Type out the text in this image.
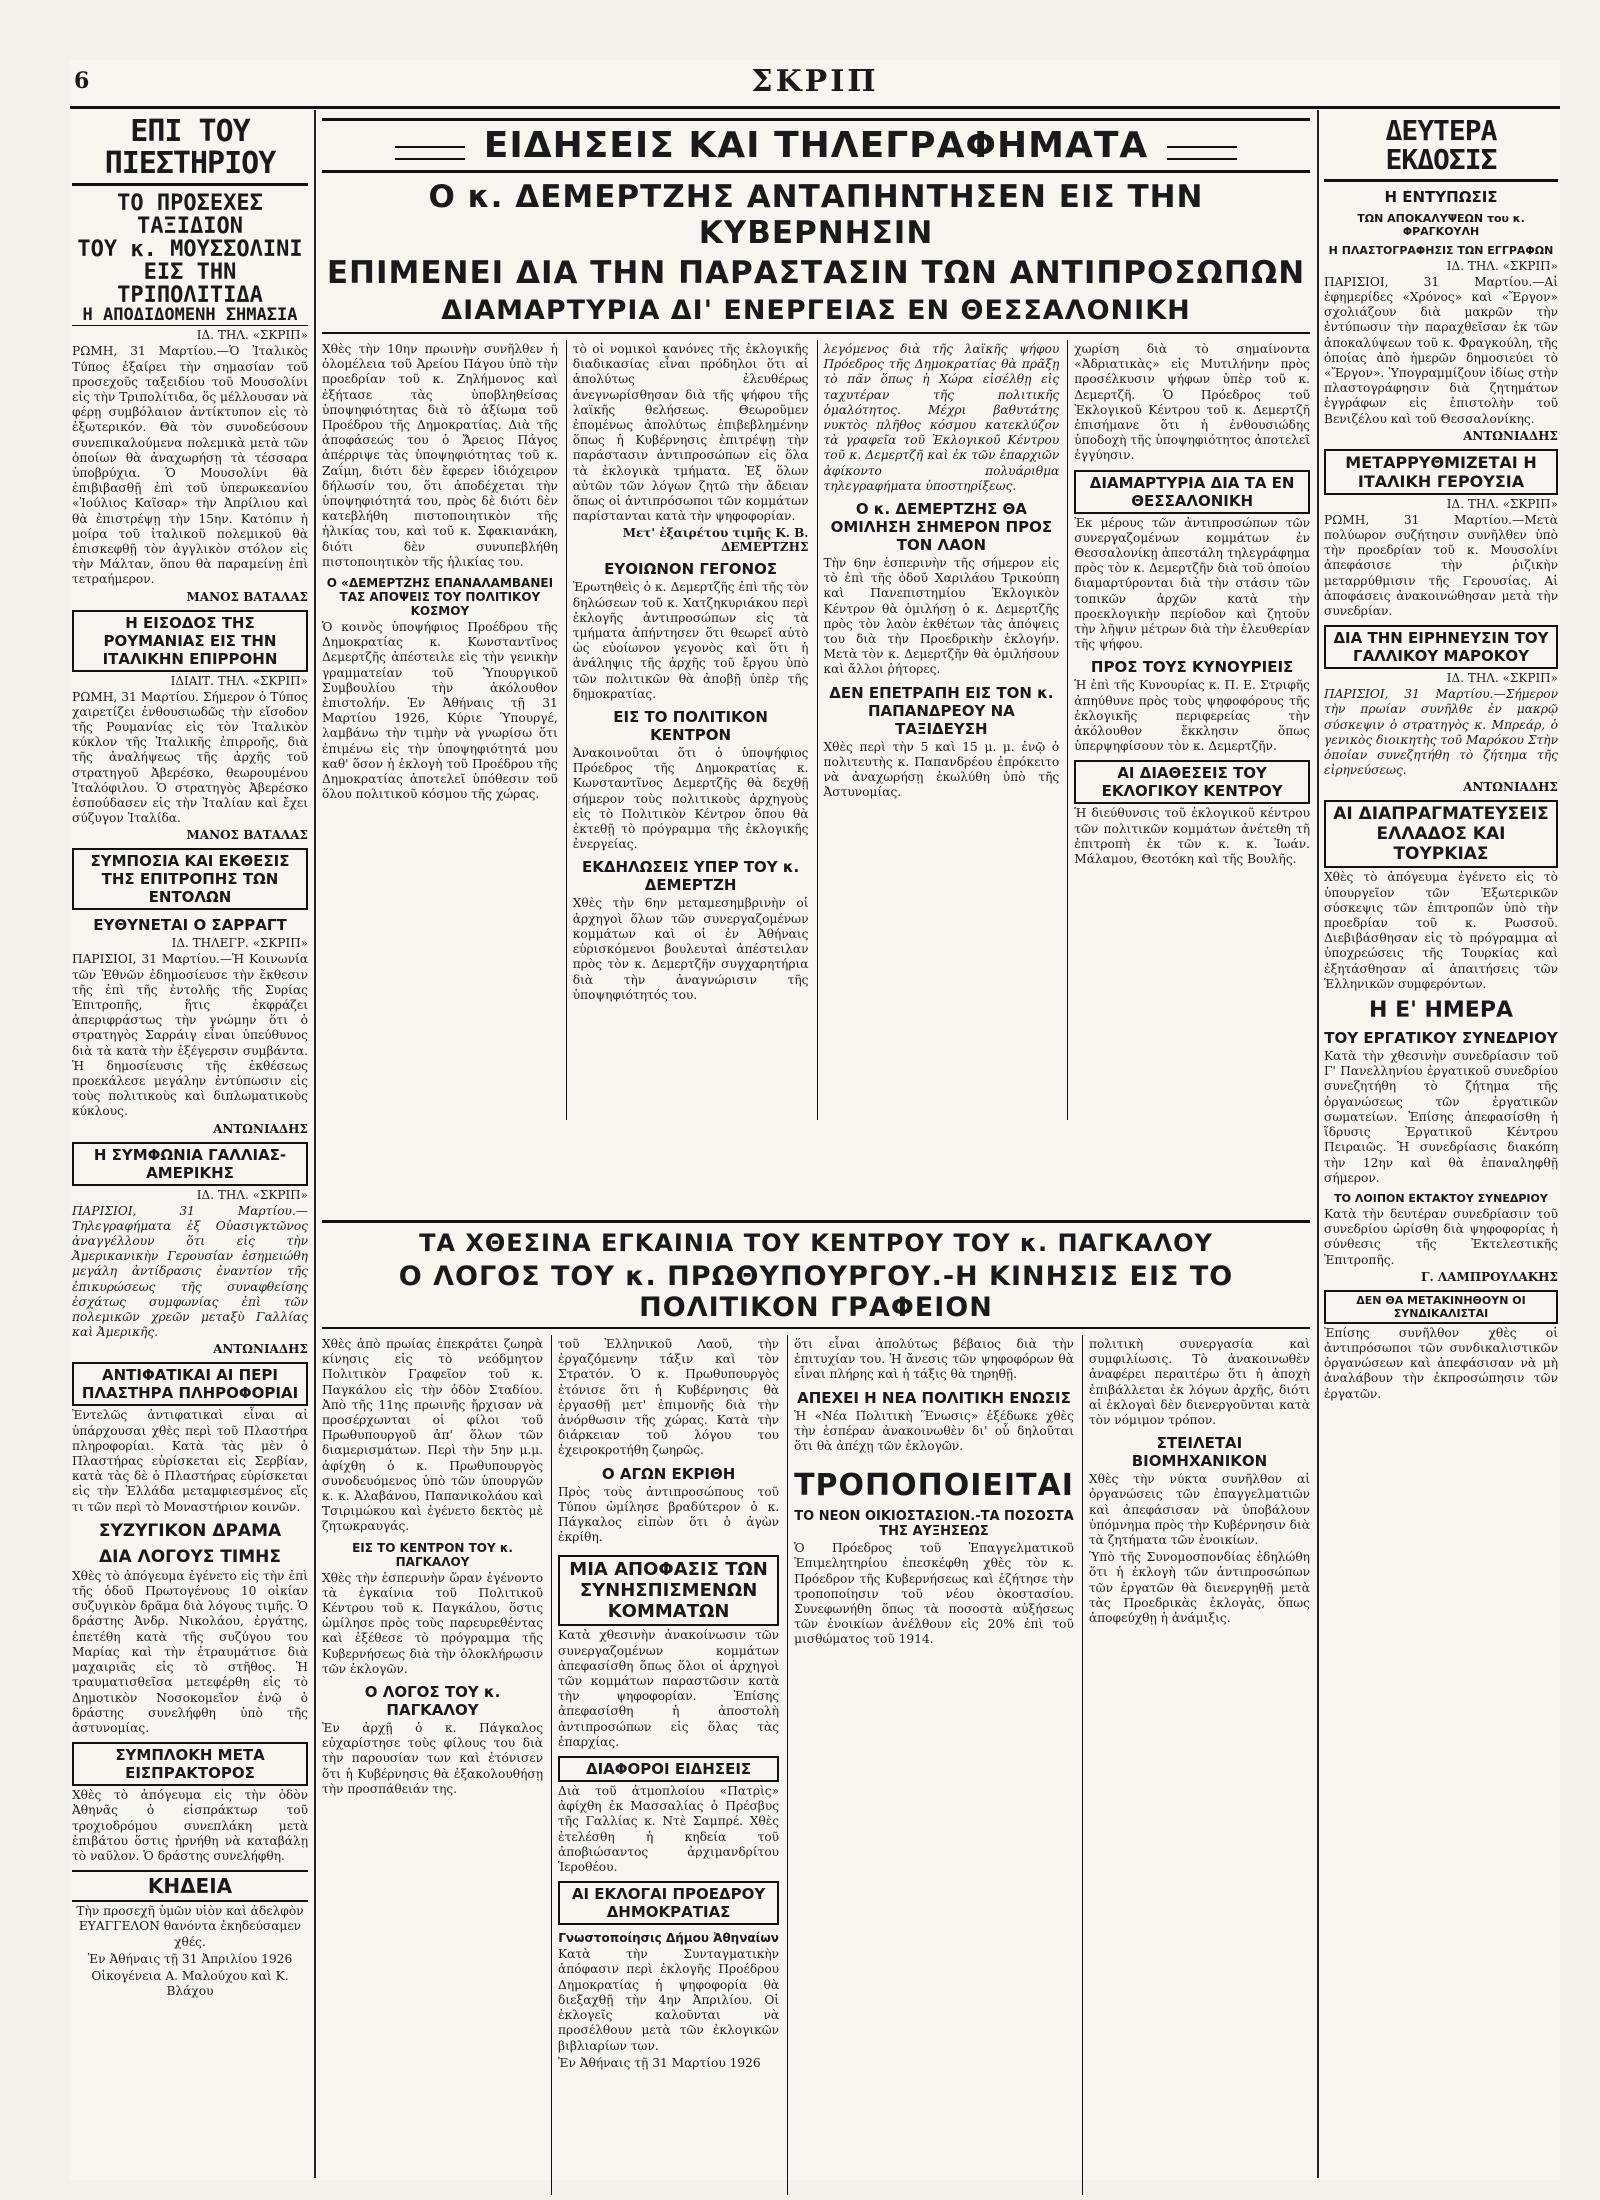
6	ΣΚΡΙΠ
ΕΠΙ ΤΟΥ ΠΙΕΣΤΗΡΙΟΥ
ΤΟ ΠΡΟΣΕΧΕΣ ΤΑΞΙΔΙΟΝ
ΤΟΥ κ. ΜΟΥΣΣΟΛΙΝΙ
ΕΙΣ ΤΗΝ ΤΡΙΠΟΛΙΤΙΔΑ
Η ΑΠΟΔΙΔΟΜΕΝΗ ΣΗΜΑΣΙΑ
ΙΔ. ΤΗΛ. «ΣΚΡΙΠ»
ΡΩΜΗ, 31 Μαρτίου.—Ὁ Ἰταλικὸς Τύπος ἐξαίρει τὴν σημασίαν τοῦ προσεχοῦς ταξειδίου τοῦ Μουσολίνι εἰς τὴν Τριπολίτιδα, ὅς μέλλουσαν νὰ φέρῃ συμβόλαιον ἀντίκτυπον εἰς τὸ ἐξωτερικόν. Θὰ τὸν συνοδεύσουν συνεπικαλούμενα πολεμικὰ μετὰ τῶν ὁποίων θὰ ἀναχωρήσῃ τὰ τέσσαρα ὑποβρύχια. Ὁ Μουσολίνι θὰ ἐπιβιβασθῇ ἐπὶ τοῦ ὑπερωκεανίου «Ἰούλιος Καῖσαρ» τὴν Ἀπρίλιου καὶ θὰ ἐπιστρέψῃ τὴν 15ην. Κατόπιν ἡ μοίρα τοῦ ἰταλικοῦ πολεμικοῦ θὰ ἐπισκεφθῇ τὸν ἀγγλικὸν στόλον εἰς τὴν Μάλταν, ὅπου θὰ παραμείνῃ ἐπὶ τετραήμερον.
ΜΑΝΟΣ ΒΑΤΑΛΑΣ
Η ΕΙΣΟΔΟΣ ΤΗΣ ΡΟΥΜΑΝΙΑΣ ΕΙΣ ΤΗΝ ΙΤΑΛΙΚΗΝ ΕΠΙΡΡΟΗΝ
ΙΔΙΑΙΤ. ΤΗΛ. «ΣΚΡΙΠ»
ΡΩΜΗ, 31 Μαρτίου. Σήμερον ὁ Τύπος χαιρετίζει ἐνθουσιωδῶς τὴν εἴσοδον τῆς Ρουμανίας εἰς τὸν Ἰταλικὸν κύκλον τῆς Ἰταλικῆς ἐπιρροῆς, διὰ τῆς ἀναλήψεως τῆς ἀρχῆς τοῦ στρατηγοῦ Ἀβερέσκο, θεωρουμένου Ἰταλόφιλου. Ὁ στρατηγὸς Ἀβερέσκο ἐσπούδασεν εἰς τὴν Ἰταλίαν καὶ ἔχει σύζυγον Ἰταλίδα.
ΜΑΝΟΣ ΒΑΤΑΛΑΣ
ΣΥΜΠΟΣΙΑ ΚΑΙ ΕΚΘΕΣΙΣ ΤΗΣ ΕΠΙΤΡΟΠΗΣ ΤΩΝ ΕΝΤΟΛΩΝ
ΕΥΘΥΝΕΤΑΙ Ο ΣΑΡΡΑΓΤ
ΙΔ. ΤΗΛΕΓΡ. «ΣΚΡΙΠ»
ΠΑΡΙΣΙΟΙ, 31 Μαρτίου.—Ἡ Κοινωνία τῶν Ἐθνῶν ἐδημοσίευσε τὴν ἔκθεσιν τῆς ἐπὶ τῆς ἐντολῆς τῆς Συρίας Ἐπιτροπῆς, ἥτις ἐκφράζει ἀπεριφράστως τὴν γνώμην ὅτι ὁ στρατηγὸς Σαρράιγ εἶναι ὑπεύθυνος διὰ τὰ κατὰ τὴν ἐξέγερσιν συμβάντα. Ἡ δημοσίευσις τῆς ἐκθέσεως προεκάλεσε μεγάλην ἐντύπωσιν εἰς τοὺς πολιτικοὺς καὶ διπλωματικοὺς κύκλους.
ΑΝΤΩΝΙΑΔΗΣ
Η ΣΥΜΦΩΝΙΑ ΓΑΛΛΙΑΣ-ΑΜΕΡΙΚΗΣ
ΙΔ. ΤΗΛ. «ΣΚΡΙΠ»
ΠΑΡΙΣΙΟΙ, 31 Μαρτίου.—Τηλεγραφήματα ἐξ Οὐασιγκτῶνος ἀναγγέλλουν ὅτι εἰς τὴν Ἀμερικανικὴν Γερουσίαν ἐσημειώθη μεγάλη ἀντίδρασις ἐναντίον τῆς ἐπικυρώσεως τῆς συναφθείσης ἐσχάτως συμφωνίας ἐπὶ τῶν πολεμικῶν χρεῶν μεταξὺ Γαλλίας καὶ Ἀμερικῆς.
ΑΝΤΩΝΙΑΔΗΣ
ΑΝΤΙΦΑΤΙΚΑΙ ΑΙ ΠΕΡΙ ΠΛΑΣΤΗΡΑ ΠΛΗΡΟΦΟΡΙΑΙ
Ἐντελῶς ἀντιφατικαὶ εἶναι αἱ ὑπάρχουσαι χθὲς περὶ τοῦ Πλαστήρα πληροφορίαι. Κατὰ τὰς μὲν ὁ Πλαστήρας εὑρίσκεται εἰς Σερβίαν, κατὰ τὰς δὲ ὁ Πλαστήρας εὑρίσκεται εἰς τὴν Ἑλλάδα μεταμφιεσμένος εἴς τι τῶν περὶ τὸ Μοναστήριον κοινῶν.
ΣΥΖΥΓΙΚΟΝ ΔΡΑΜΑ
ΔΙΑ ΛΟΓΟΥΣ ΤΙΜΗΣ
Χθὲς τὸ ἀπόγευμα ἐγένετο εἰς τὴν ἐπὶ τῆς ὁδοῦ Πρωτογένους 10 οἰκίαν συζυγικὸν δρᾶμα διὰ λόγους τιμῆς. Ὁ δράστης Ἀνδρ. Νικολάου, ἐργάτης, ἐπετέθη κατὰ τῆς συζύγου του Μαρίας καὶ τὴν ἐτραυμάτισε διὰ μαχαιριᾶς εἰς τὸ στῆθος. Ἡ τραυματισθεῖσα μετεφέρθη εἰς τὸ Δημοτικὸν Νοσοκομεῖον ἐνῷ ὁ δράστης συνελήφθη ὑπὸ τῆς ἀστυνομίας.
ΣΥΜΠΛΟΚΗ ΜΕΤΑ ΕΙΣΠΡΑΚΤΟΡΟΣ
Χθὲς τὸ ἀπόγευμα εἰς τὴν ὁδὸν Ἀθηνᾶς ὁ εἰσπράκτωρ τοῦ τροχιοδρόμου συνεπλάκη μετὰ ἐπιβάτου ὅστις ἠρνήθη νὰ καταβάλῃ τὸ ναῦλον. Ὁ δράστης συνελήφθη.
ΚΗΔΕΙΑ
Τὴν προσεχῆ ὑμῶν υἱὸν καὶ ἀδελφὸν ΕΥΑΓΓΕΛΟΝ θανόντα ἐκηδεύσαμεν χθές.
Ἐν Ἀθήναις τῇ 31 Ἀπριλίου 1926
Οἰκογένεια Α. Μαλούχου καὶ Κ. Βλάχου
ΕΙΔΗΣΕΙΣ ΚΑΙ ΤΗΛΕΓΡΑΦΗΜΑΤΑ
Ο κ. ΔΕΜΕΡΤΖΗΣ ΑΝΤΑΠΗΝΤΗΣΕΝ ΕΙΣ ΤΗΝ ΚΥΒΕΡΝΗΣΙΝ
ΕΠΙΜΕΝΕΙ ΔΙΑ ΤΗΝ ΠΑΡΑΣΤΑΣΙΝ ΤΩΝ ΑΝΤΙΠΡΟΣΩΠΩΝ
ΔΙΑΜΑΡΤΥΡΙΑ ΔΙ' ΕΝΕΡΓΕΙΑΣ ΕΝ ΘΕΣΣΑΛΟΝΙΚΗ
Χθὲς τὴν 10ην πρωινὴν συνῆλθεν ἡ ὁλομέλεια τοῦ Ἀρείου Πάγου ὑπὸ τὴν προεδρίαν τοῦ κ. Ζηλήμονος καὶ ἐξήτασε τὰς ὑποβληθείσας ὑποψηφιότητας διὰ τὸ ἀξίωμα τοῦ Προέδρου τῆς Δημοκρατίας. Διὰ τῆς ἀποφάσεώς του ὁ Ἄρειος Πάγος ἀπέρριψε τὰς ὑποψηφιότητας τοῦ κ. Ζαΐμη, διότι δὲν ἔφερεν ἰδιόχειρον δήλωσίν του, ὅτι ἀποδέχεται τὴν ὑποψηφιότητά του, πρὸς δὲ διότι δὲν κατεβλήθη πιστοποιητικὸν τῆς ἡλικίας του, καὶ τοῦ κ. Σφακιανάκη, διότι δὲν συνυπεβλήθη πιστοποιητικὸν τῆς ἡλικίας του.
Ο «ΔΕΜΕΡΤΖΗΣ ΕΠΑΝΑΛΑΜΒΑΝΕΙ ΤΑΣ ΑΠΟΨΕΙΣ ΤΟΥ ΠΟΛΙΤΙΚΟΥ ΚΟΣΜΟΥ
Ὁ κοινὸς ὑποψήφιος Προέδρου τῆς Δημοκρατίας κ. Κωνσταντῖνος Δεμερτζῆς ἀπέστειλε εἰς τὴν γενικὴν γραμματείαν τοῦ Ὑπουργικοῦ Συμβουλίου τὴν ἀκόλουθον ἐπιστολήν. Ἐν Ἀθήναις τῇ 31 Μαρτίου 1926, Κύριε Ὑπουργέ, λαμβάνω τὴν τιμὴν νὰ γνωρίσω ὅτι ἐπιμένω εἰς τὴν ὑποψηφιότητά μου καθ' ὅσον ἡ ἐκλογὴ τοῦ Προέδρου τῆς Δημοκρατίας ἀποτελεῖ ὑπόθεσιν τοῦ ὅλου πολιτικοῦ κόσμου τῆς χώρας.
τὸ οἰ νομικοὶ κανόνες τῆς ἐκλογικῆς διαδικασίας εἶναι πρόδηλοι ὅτι αἱ ἀπολύτως ἐλευθέρως ἀνεγνωρίσθησαν διὰ τῆς ψήφου τῆς λαϊκῆς θελήσεως. Θεωροῦμεν ἐπομένως ἀπολύτως ἐπιβεβλημένην ὅπως ἡ Κυβέρνησις ἐπιτρέψῃ τὴν παράστασιν ἀντιπροσώπων εἰς ὅλα τὰ ἐκλογικὰ τμήματα. Ἐξ ὅλων αὐτῶν τῶν λόγων ζητῶ τὴν ἄδειαν ὅπως οἱ ἀντιπρόσωποι τῶν κομμάτων παρίστανται κατὰ τὴν ψηφοφορίαν.
Μετ' ἐξαιρέτου τιμῆς Κ. Β. ΔΕΜΕΡΤΖΗΣ
ΕΥΟΙΩΝΟΝ ΓΕΓΟΝΟΣ
Ἐρωτηθεὶς ὁ κ. Δεμερτζῆς ἐπὶ τῆς τὸν δηλώσεων τοῦ κ. Χατζηκυριάκου περὶ ἐκλογῆς ἀντιπροσώπων εἰς τὰ τμήματα ἀπήντησεν ὅτι θεωρεῖ αὐτὸ ὡς εὐοίωνον γεγονὸς καὶ ὅτι ἡ ἀνάληψις τῆς ἀρχῆς τοῦ ἔργου ὑπὸ τῶν πολιτικῶν θὰ ἀποβῇ ὑπὲρ τῆς δημοκρατίας.
ΕΙΣ ΤΟ ΠΟΛΙΤΙΚΟΝ ΚΕΝΤΡΟΝ
Ἀνακοινοῦται ὅτι ὁ ὑποψήφιος Πρόεδρος τῆς Δημοκρατίας κ. Κωνσταντῖνος Δεμερτζῆς θὰ δεχθῇ σήμερον τοὺς πολιτικοὺς ἀρχηγοὺς εἰς τὸ Πολιτικὸν Κέντρον ὅπου θὰ ἐκτεθῇ τὸ πρόγραμμα τῆς ἐκλογικῆς ἐνεργείας.
ΕΚΔΗΛΩΣΕΙΣ ΥΠΕΡ ΤΟΥ κ. ΔΕΜΕΡΤΖΗ
Χθὲς τὴν 6ην μεταμεσημβρινὴν οἱ ἀρχηγοὶ ὅλων τῶν συνεργαζομένων κομμάτων καὶ οἱ ἐν Ἀθήναις εὑρισκόμενοι βουλευταὶ ἀπέστειλαν πρὸς τὸν κ. Δεμερτζῆν συγχαρητήρια διὰ τὴν ἀναγνώρισιν τῆς ὑποψηφιότητός του.
λεγόμενος διὰ τῆς λαϊκῆς ψήφου Πρόεδρος τῆς Δημοκρατίας θὰ πρᾶξῃ τὸ πᾶν ὅπως ἡ Χώρα εἰσέλθῃ εἰς ταχυτέραν τῆς πολιτικῆς ὁμαλότητος. Μέχρι βαθυτάτης νυκτὸς πλῆθος κόσμου κατεκλύζον τὰ γραφεῖα τοῦ Ἐκλογικοῦ Κέντρου τοῦ κ. Δεμερτζῆ καὶ ἐκ τῶν ἐπαρχιῶν ἀφίκοντο πολυάριθμα τηλεγραφήματα ὑποστηρίξεως.
Ο κ. ΔΕΜΕΡΤΖΗΣ ΘΑ ΟΜΙΛΗΣΗ ΣΗΜΕΡΟΝ ΠΡΟΣ ΤΟΝ ΛΑΟΝ
Τὴν 6ην ἑσπερινὴν τῆς σήμερον εἰς τὸ ἐπὶ τῆς ὁδοῦ Χαριλάου Τρικούπη καὶ Πανεπιστημίου Ἐκλογικὸν Κέντρον θὰ ὁμιλήσῃ ὁ κ. Δεμερτζῆς πρὸς τὸν λαὸν ἐκθέτων τὰς ἀπόψεις του διὰ τὴν Προεδρικὴν ἐκλογήν. Μετὰ τὸν κ. Δεμερτζῆν θὰ ὁμιλήσουν καὶ ἄλλοι ῥήτορες.
ΔΕΝ ΕΠΕΤΡΑΠΗ ΕΙΣ ΤΟΝ κ. ΠΑΠΑΝΔΡΕΟΥ ΝΑ ΤΑΞΙΔΕΥΣΗ
Χθὲς περὶ τὴν 5 καὶ 15 μ. μ. ἐνῷ ὁ πολιτευτὴς κ. Παπανδρέου ἐπρόκειτο νὰ ἀναχωρήσῃ ἐκωλύθη ὑπὸ τῆς Ἀστυνομίας.
χωρίση διὰ τὸ σημαίνοντα «Ἀδριατικὰς» εἰς Μυτιλήνην πρὸς προσέλκυσιν ψήφων ὑπὲρ τοῦ κ. Δεμερτζῆ. Ὁ Πρόεδρος τοῦ Ἐκλογικοῦ Κέντρου τοῦ κ. Δεμερτζῆ ἐπισήμανε ὅτι ἡ ἐνθουσιώδης ὑποδοχὴ τῆς ὑποψηφιότητος ἀποτελεῖ ἐγγύησιν.
ΔΙΑΜΑΡΤΥΡΙΑ ΔΙΑ ΤΑ ΕΝ ΘΕΣΣΑΛΟΝΙΚΗ
Ἐκ μέρους τῶν ἀντιπροσώπων τῶν συνεργαζομένων κομμάτων ἐν Θεσσαλονίκῃ ἀπεστάλη τηλεγράφημα πρὸς τὸν κ. Δεμερτζῆν διὰ τοῦ ὁποίου διαμαρτύρονται διὰ τὴν στάσιν τῶν τοπικῶν ἀρχῶν κατὰ τὴν προεκλογικὴν περίοδον καὶ ζητοῦν τὴν λῆψιν μέτρων διὰ τὴν ἐλευθερίαν τῆς ψήφου.
ΠΡΟΣ ΤΟΥΣ ΚΥΝΟΥΡΙΕΙΣ
Ἡ ἐπὶ τῆς Κυνουρίας κ. Π. Ε. Στριφῆς ἀπηύθυνε πρὸς τοὺς ψηφοφόρους τῆς ἐκλογικῆς περιφερείας τὴν ἀκόλουθον ἔκκλησιν ὅπως ὑπερψηφίσουν τὸν κ. Δεμερτζῆν.
ΑΙ ΔΙΑΘΕΣΕΙΣ ΤΟΥ ΕΚΛΟΓΙΚΟΥ ΚΕΝΤΡΟΥ
Ἡ διεύθυνσις τοῦ ἐκλογικοῦ κέντρου τῶν πολιτικῶν κομμάτων ἀνέτεθη τῆ ἐπιτροπὴ ἐκ τῶν κ. κ. Ἰωάν. Μάλαμου, Θεοτόκη καὶ τῆς Βουλῆς.
ΔΕΥΤΕΡΑ ΕΚΔΟΣΙΣ
Η ΕΝΤΥΠΩΣΙΣ
ΤΩΝ ΑΠΟΚΑΛΥΨΕΩΝ του κ. ΦΡΑΓΚΟΥΛΗ
Η ΠΛΑΣΤΟΓΡΑΦΗΣΙΣ ΤΩΝ ΕΓΓΡΑΦΩΝ
ΙΔ. ΤΗΛ. «ΣΚΡΙΠ»
ΠΑΡΙΣΙΟΙ, 31 Μαρτίου.—Αἱ ἐφημερίδες «Χρόνος» καὶ «Ἔργον» σχολιάζουν διὰ μακρῶν τὴν ἐντύπωσιν τὴν παραχθεῖσαν ἐκ τῶν ἀποκαλύψεων τοῦ κ. Φραγκούλη, τῆς ὁποίας ἀπὸ ἡμερῶν δημοσιεύει τὸ «Ἔργον». Ὑπογραμμίζουν ἰδίως στὴν πλαστογράφησιν διὰ ζητημάτων ἐγγράφων εἰς ἐπιστολὴν τοῦ Βενιζέλου καὶ τοῦ Θεσσαλονίκης.
ΑΝΤΩΝΙΑΔΗΣ
ΜΕΤΑΡΡΥΘΜΙΖΕΤΑΙ Η ΙΤΑΛΙΚΗ ΓΕΡΟΥΣΙΑ
ΙΔ. ΤΗΛ. «ΣΚΡΙΠ»
ΡΩΜΗ, 31 Μαρτίου.—Μετὰ πολύωρον συζήτησιν συνῆλθεν ὑπὸ τὴν προεδρίαν τοῦ κ. Μουσολίνι ἀπεφάσισε τὴν ῥιζικὴν μεταρρύθμισιν τῆς Γερουσίας. Αἱ ἀποφάσεις ἀνακοινώθησαν μετὰ τὴν συνεδρίαν.
ΔΙΑ ΤΗΝ ΕΙΡΗΝΕΥΣΙΝ ΤΟΥ ΓΑΛΛΙΚΟΥ ΜΑΡΟΚΟΥ
ΙΔ. ΤΗΛ. «ΣΚΡΙΠ»
ΠΑΡΙΣΙΟΙ, 31 Μαρτίου.—Σήμερον τὴν πρωίαν συνῆλθε ἐν μακρῷ σύσκεψιν ὁ στρατηγὸς κ. Μπρεάρ, ὁ γενικὸς διοικητὴς τοῦ Μαρόκου Στὴν ὁποίαν συνεζητήθη τὸ ζήτημα τῆς εἰρηνεύσεως.
ΑΝΤΩΝΙΑΔΗΣ
ΑΙ ΔΙΑΠΡΑΓΜΑΤΕΥΣΕΙΣ ΕΛΛΑΔΟΣ ΚΑΙ ΤΟΥΡΚΙΑΣ
Χθὲς τὸ ἀπόγευμα ἐγένετο εἰς τὸ ὑπουργεῖον τῶν Ἐξωτερικῶν σύσκεψις τῶν ἐπιτροπῶν ὑπὸ τὴν προεδρίαν τοῦ κ. Ρωσσοῦ. Διεβιβάσθησαν εἰς τὸ πρόγραμμα αἱ ὑποχρεώσεις τῆς Τουρκίας καὶ ἐξητάσθησαν αἱ ἀπαιτήσεις τῶν Ἑλληνικῶν συμφερόντων.
Η Ε' ΗΜΕΡΑ
ΤΟΥ ΕΡΓΑΤΙΚΟΥ ΣΥΝΕΔΡΙΟΥ
Κατὰ τὴν χθεσινὴν συνεδρίασιν τοῦ Γ' Πανελληνίου ἐργατικοῦ συνεδρίου συνεζητήθη τὸ ζήτημα τῆς ὀργανώσεως τῶν ἐργατικῶν σωματείων. Ἐπίσης ἀπεφασίσθη ἡ ἵδρυσις Ἐργατικοῦ Κέντρου Πειραιῶς. Ἡ συνεδρίασις διακόπη τὴν 12ην καὶ θὰ ἐπαναληφθῇ σήμερον.
ΤΟ ΛΟΙΠΟΝ ΕΚΤΑΚΤΟΥ ΣΥΝΕΔΡΙΟΥ
Κατὰ τὴν δευτέραν συνεδρίασιν τοῦ συνεδρίου ὡρίσθη διὰ ψηφοφορίας ἡ σύνθεσις τῆς Ἐκτελεστικῆς Ἐπιτροπῆς.
Γ. ΛΑΜΠΡΟΥΛΑΚΗΣ
ΔΕΝ ΘΑ ΜΕΤΑΚΙΝΗΘΟΥΝ ΟΙ ΣΥΝΔΙΚΑΛΙΣΤΑΙ
Ἐπίσης συνῆλθον χθὲς οἱ ἀντιπρόσωποι τῶν συνδικαλιστικῶν ὀργανώσεων καὶ ἀπεφάσισαν νὰ μὴ ἀναλάβουν τὴν ἐκπροσώπησιν τῶν ἐργατῶν.
ΤΑ ΧΘΕΣΙΝΑ ΕΓΚΑΙΝΙΑ ΤΟΥ ΚΕΝΤΡΟΥ ΤΟΥ κ. ΠΑΓΚΑΛΟΥ
Ο ΛΟΓΟΣ ΤΟΥ κ. ΠΡΩΘΥΠΟΥΡΓΟΥ.-Η ΚΙΝΗΣΙΣ ΕΙΣ ΤΟ ΠΟΛΙΤΙΚΟΝ ΓΡΑΦΕΙΟΝ
Χθὲς ἀπὸ πρωίας ἐπεκράτει ζωηρὰ κίνησις εἰς τὸ νεόδμητον Πολιτικὸν Γραφεῖον τοῦ κ. Παγκάλου εἰς τὴν ὁδὸν Σταδίου. Ἀπὸ τῆς 11ης πρωινῆς ἤρχισαν νὰ προσέρχωνται οἱ φίλοι τοῦ Πρωθυπουργοῦ ἀπ' ὅλων τῶν διαμερισμάτων. Περὶ τὴν 5ην μ.μ. ἀφίχθη ὁ κ. Πρωθυπουργὸς συνοδευόμενος ὑπὸ τῶν ὑπουργῶν κ. κ. Ἀλαβάνου, Παπανικολάου καὶ Τσιριμώκου καὶ ἐγένετο δεκτὸς μὲ ζητωκραυγάς.
ΕΙΣ ΤΟ ΚΕΝΤΡΟΝ ΤΟΥ κ. ΠΑΓΚΑΛΟΥ
Χθὲς τὴν ἑσπερινὴν ὥραν ἐγένοντο τὰ ἐγκαίνια τοῦ Πολιτικοῦ Κέντρου τοῦ κ. Παγκάλου, ὅστις ὡμίλησε πρὸς τοὺς παρευρεθέντας καὶ ἐξέθεσε τὸ πρόγραμμα τῆς Κυβερνήσεως διὰ τὴν ὁλοκλήρωσιν τῶν ἐκλογῶν.
Ο ΛΟΓΟΣ ΤΟΥ κ. ΠΑΓΚΑΛΟΥ
Ἐν ἀρχῇ ὁ κ. Πάγκαλος εὐχαρίστησε τοὺς φίλους του διὰ τὴν παρουσίαν των καὶ ἐτόνισεν ὅτι ἡ Κυβέρνησις θὰ ἐξακολουθήσῃ τὴν προσπάθειάν της.
τοῦ Ἑλληνικοῦ Λαοῦ, τὴν ἐργαζόμενην τάξιν καὶ τὸν Στρατόν. Ὁ κ. Πρωθυπουργὸς ἐτόνισε ὅτι ἡ Κυβέρνησις θὰ ἐργασθῇ μετ' ἐπιμονῆς διὰ τὴν ἀνόρθωσιν τῆς χώρας. Κατὰ τὴν διάρκειαν τοῦ λόγου του ἐχειροκροτήθη ζωηρῶς.
Ο ΑΓΩΝ ΕΚΡΙΘΗ
Πρὸς τοὺς ἀντιπροσώπους τοῦ Τύπου ὡμίλησε βραδύτερον ὁ κ. Πάγκαλος εἰπὼν ὅτι ὁ ἀγὼν ἐκρίθη.
ΜΙΑ ΑΠΟΦΑΣΙΣ ΤΩΝ ΣΥΝΗΣΠΙΣΜΕΝΩΝ ΚΟΜΜΑΤΩΝ
Κατὰ χθεσινὴν ἀνακοίνωσιν τῶν συνεργαζομένων κομμάτων ἀπεφασίσθη ὅπως ὅλοι οἱ ἀρχηγοὶ τῶν κομμάτων παραστῶσιν κατὰ τὴν ψηφοφορίαν. Ἐπίσης ἀπεφασίσθη ἡ ἀποστολὴ ἀντιπροσώπων εἰς ὅλας τὰς ἐπαρχίας.
ΔΙΑΦΟΡΟΙ ΕΙΔΗΣΕΙΣ
Διὰ τοῦ ἀτμοπλοίου «Πατρὶς» ἀφίχθη ἐκ Μασσαλίας ὁ Πρέσβυς τῆς Γαλλίας κ. Ντὲ Σαμπρέ. Χθὲς ἐτελέσθη ἡ κηδεία τοῦ ἀποβιώσαντος ἀρχιμανδρίτου Ἱεροθέου.
ΑΙ ΕΚΛΟΓΑΙ ΠΡΟΕΔΡΟΥ ΔΗΜΟΚΡΑΤΙΑΣ
Γνωστοποίησις Δήμου Ἀθηναίων
Κατὰ τὴν Συνταγματικὴν ἀπόφασιν περὶ ἐκλογῆς Προέδρου Δημοκρατίας ἡ ψηφοφορία θὰ διεξαχθῇ τὴν 4ην Ἀπριλίου. Οἱ ἐκλογεῖς καλοῦνται νὰ προσέλθουν μετὰ τῶν ἐκλογικῶν βιβλιαρίων των.
Ἐν Ἀθήναις τῇ 31 Μαρτίου 1926
ὅτι εἶναι ἀπολύτως βέβαιος διὰ τὴν ἐπιτυχίαν του. Ἡ ἄνεσις τῶν ψηφοφόρων θὰ εἶναι πλήρης καὶ ἡ τάξις θὰ τηρηθῇ.
ΑΠΕΧΕΙ Η ΝΕΑ ΠΟΛΙΤΙΚΗ ΕΝΩΣΙΣ
Ἡ «Νέα Πολιτικὴ Ἕνωσις» ἐξέδωκε χθὲς τὴν ἑσπέραν ἀνακοινωθὲν δι' οὗ δηλοῦται ὅτι θὰ ἀπέχῃ τῶν ἐκλογῶν.
ΤΡΟΠΟΠΟΙΕΙΤΑΙ
ΤΟ ΝΕΟΝ ΟΙΚΙΟΣΤΑΣΙΟΝ.-ΤΑ ΠΟΣΟΣΤΑ ΤΗΣ ΑΥΞΗΣΕΩΣ
Ὁ Πρόεδρος τοῦ Ἐπαγγελματικοῦ Ἐπιμελητηρίου ἐπεσκέφθη χθὲς τὸν κ. Πρόεδρον τῆς Κυβερνήσεως καὶ ἐζήτησε τὴν τροποποίησιν τοῦ νέου ὀκοστασίου. Συνεφωνήθη ὅπως τὰ ποσοστὰ αὐξήσεως τῶν ἐνοικίων ἀνέλθουν εἰς 20% ἐπὶ τοῦ μισθώματος τοῦ 1914.
πολιτικὴ συνεργασία καὶ συμφιλίωσις. Τὸ ἀνακοινωθὲν ἀναφέρει περαιτέρω ὅτι ἡ ἀποχὴ ἐπιβάλλεται ἐκ λόγων ἀρχῆς, διότι αἱ ἐκλογαὶ δὲν διενεργοῦνται κατὰ τὸν νόμιμον τρόπον.
ΣΤΕΙΛΕΤΑΙ ΒΙΟΜΗΧΑΝΙΚΟΝ
Χθὲς τὴν νύκτα συνῆλθον αἱ ὀργανώσεις τῶν ἐπαγγελματιῶν καὶ ἀπεφάσισαν νὰ ὑποβάλουν ὑπόμνημα πρὸς τὴν Κυβέρνησιν διὰ τὰ ζητήματα τῶν ἐνοικίων.
Ὑπὸ τῆς Συνομοσπονδίας ἐδηλώθη ὅτι ἡ ἐκλογὴ τῶν ἀντιπροσώπων τῶν ἐργατῶν θὰ διενεργηθῇ μετὰ τὰς Προεδρικὰς ἐκλογὰς, ὅπως ἀποφεύχθῃ ἡ ἀνάμιξις.
